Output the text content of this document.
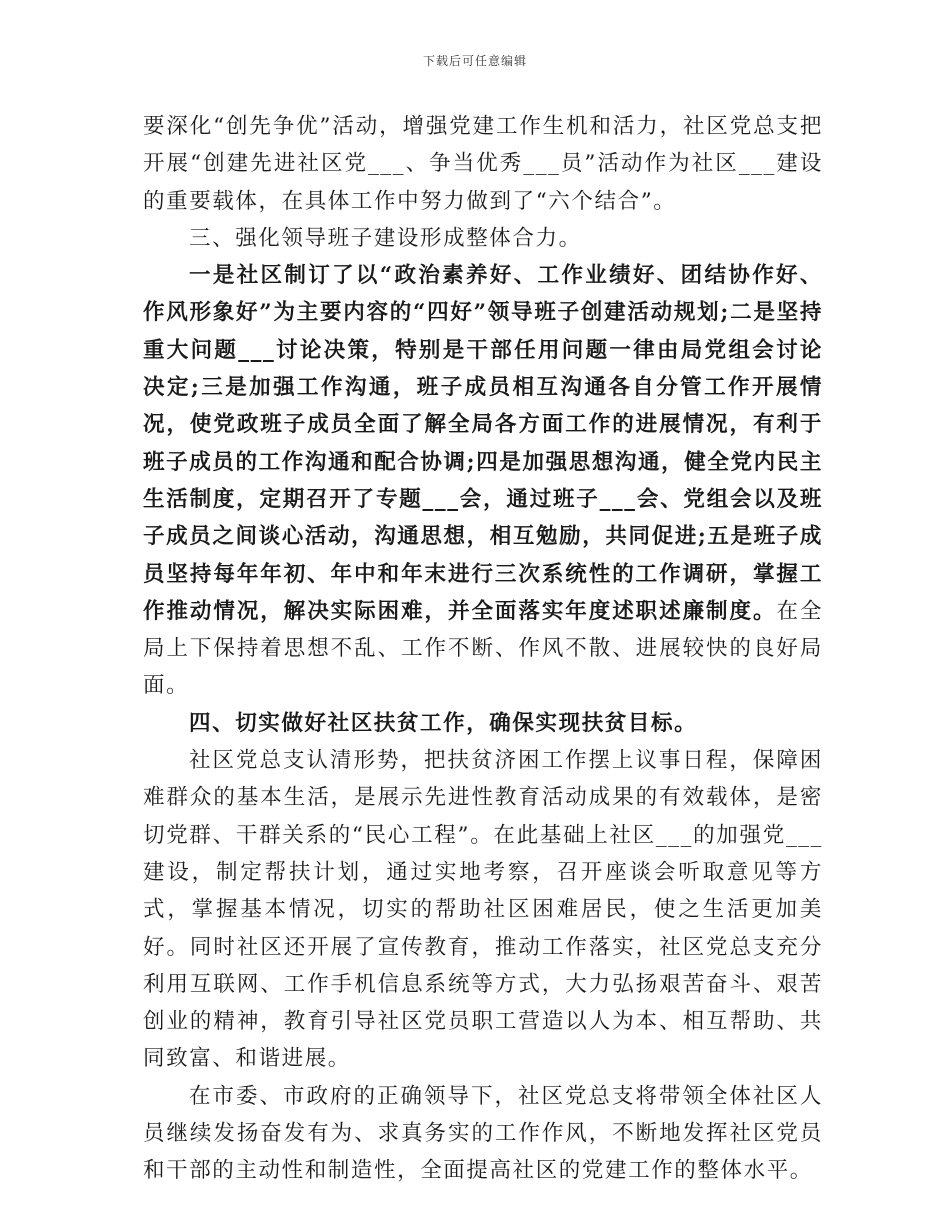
下载后可任意编辑

要深化“创先争优”活动，增强党建工作生机和活力，社区党总支把开展“创建先进社区党___、争当优秀___员”活动作为社区___建设的重要载体，在具体工作中努力做到了“六个结合”。

三、强化领导班子建设形成整体合力。

一是社区制订了以“政治素养好、工作业绩好、团结协作好、作风形象好”为主要内容的“四好”领导班子创建活动规划;二是坚持重大问题___讨论决策，特别是干部任用问题一律由局党组会讨论决定;三是加强工作沟通，班子成员相互沟通各自分管工作开展情况，使党政班子成员全面了解全局各方面工作的进展情况，有利于班子成员的工作沟通和配合协调;四是加强思想沟通，健全党内民主生活制度，定期召开了专题___会，通过班子___会、党组会以及班子成员之间谈心活动，沟通思想，相互勉励，共同促进;五是班子成员坚持每年年初、年中和年末进行三次系统性的工作调研，掌握工作推动情况，解决实际困难，并全面落实年度述职述廉制度。在全局上下保持着思想不乱、工作不断、作风不散、进展较快的良好局面。

四、切实做好社区扶贫工作，确保实现扶贫目标。

社区党总支认清形势，把扶贫济困工作摆上议事日程，保障困难群众的基本生活，是展示先进性教育活动成果的有效载体，是密切党群、干群关系的“民心工程”。在此基础上社区___的加强党___建设，制定帮扶计划，通过实地考察，召开座谈会听取意见等方式，掌握基本情况，切实的帮助社区困难居民，使之生活更加美好。同时社区还开展了宣传教育，推动工作落实，社区党总支充分利用互联网、工作手机信息系统等方式，大力弘扬艰苦奋斗、艰苦创业的精神，教育引导社区党员职工营造以人为本、相互帮助、共同致富、和谐进展。

在市委、市政府的正确领导下，社区党总支将带领全体社区人员继续发扬奋发有为、求真务实的工作作风，不断地发挥社区党员和干部的主动性和制造性，全面提高社区的党建工作的整体水平。
